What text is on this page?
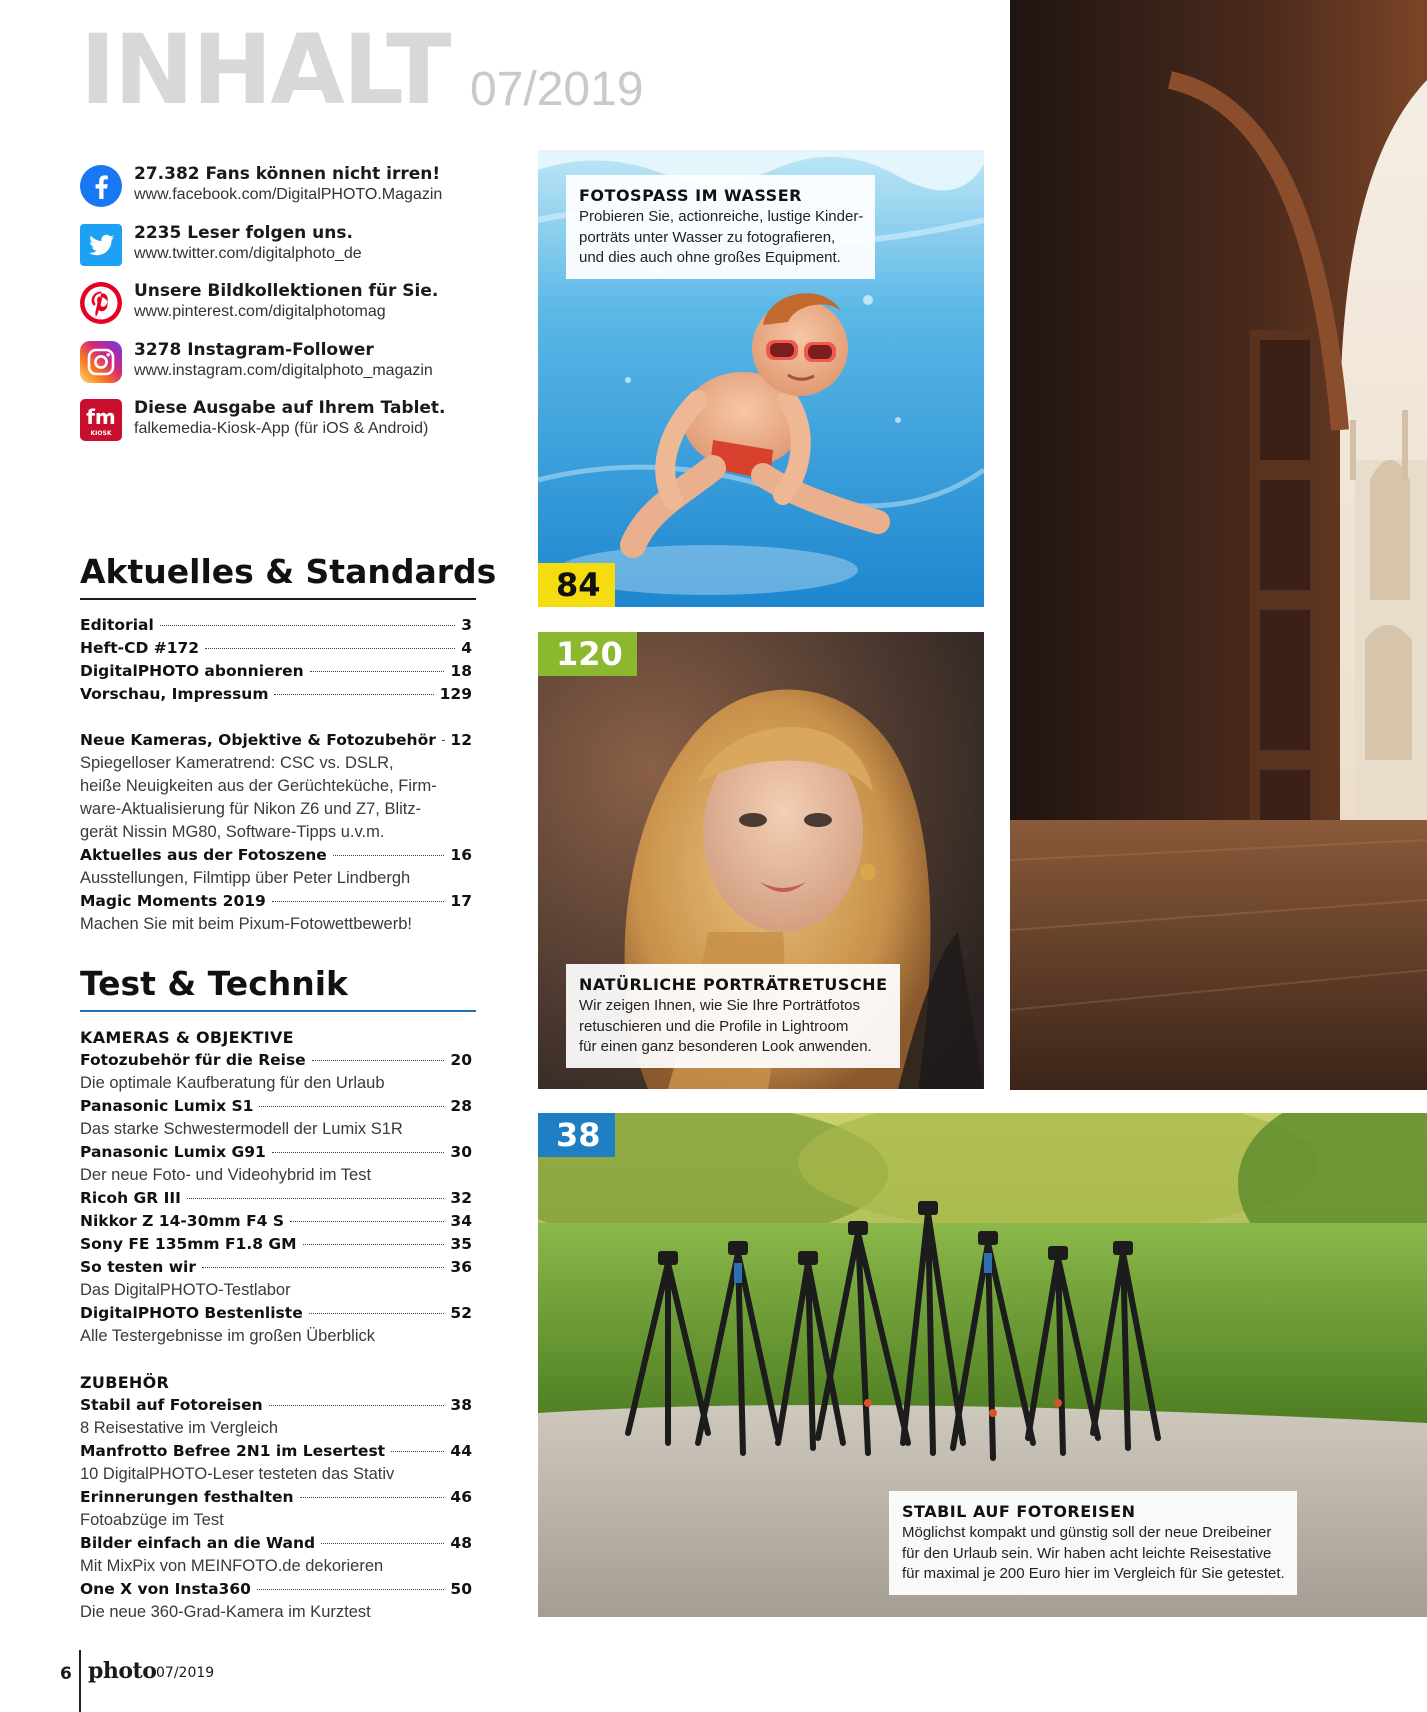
INHALT 07/2019
27.382 Fans können nicht irren!
www.facebook.com/DigitalPHOTO.Magazin
2235 Leser folgen uns.
www.twitter.com/digitalphoto_de
Unsere Bildkollektionen für Sie.
www.pinterest.com/digitalphotomag
3278 Instagram-Follower
www.instagram.com/digitalphoto_magazin
fm
KIOSK
Diese Ausgabe auf Ihrem Tablet.
falkemedia-Kiosk-App (für iOS & Android)
Aktuelles & Standards
Editorial	3
Heft-CD #172	4
DigitalPHOTO abonnieren	18
Vorschau, Impressum	129
Neue Kameras, Objektive & Fotozubehör 12
Spiegelloser Kameratrend: CSC vs. DSLR,
heiße Neuigkeiten aus der Gerüchteküche, Firm-
ware-Aktualisierung für Nikon Z6 und Z7, Blitz-
gerät Nissin MG80, Software-Tipps u.v.m.
Aktuelles aus der Fotoszene	16
Ausstellungen, Filmtipp über Peter Lindbergh
Magic Moments 2019	17
Machen Sie mit beim Pixum-Fotowettbewerb!
Test & Technik
KAMERAS & OBJEKTIVE
Fotozubehör für die Reise	20
Die optimale Kaufberatung für den Urlaub
Panasonic Lumix S1	28
Das starke Schwestermodell der Lumix S1R
Panasonic Lumix G91	30
Der neue Foto- und Videohybrid im Test
Ricoh GR III	32
Nikkor Z 14-30mm F4 S	34
Sony FE 135mm F1.8 GM	35
So testen wir	36
Das DigitalPHOTO-Testlabor
DigitalPHOTO Bestenliste	52
Alle Testergebnisse im großen Überblick
ZUBEHÖR
Stabil auf Fotoreisen	38
8 Reisestative im Vergleich
Manfrotto Befree 2N1 im Lesertest	44
10 DigitalPHOTO-Leser testeten das Stativ
Erinnerungen festhalten	46
Fotoabzüge im Test
Bilder einfach an die Wand	48
Mit MixPix von MEINFOTO.de dekorieren
One X von Insta360	50
Die neue 360-Grad-Kamera im Kurztest
84
FOTOSPASS IM WASSER
Probieren Sie, actionreiche, lustige Kinder-
porträts unter Wasser zu fotografieren,
und dies auch ohne großes Equipment.
120
NATÜRLICHE PORTRÄTRETUSCHE
Wir zeigen Ihnen, wie Sie Ihre Porträtfotos
retuschieren und die Profile in Lightroom
für einen ganz besonderen Look anwenden.
38
STABIL AUF FOTOREISEN
Möglichst kompakt und günstig soll der neue Dreibeiner
für den Urlaub sein. Wir haben acht leichte Reisestative
für maximal je 200 Euro hier im Vergleich für Sie getestet.
6 photo 07/2019
